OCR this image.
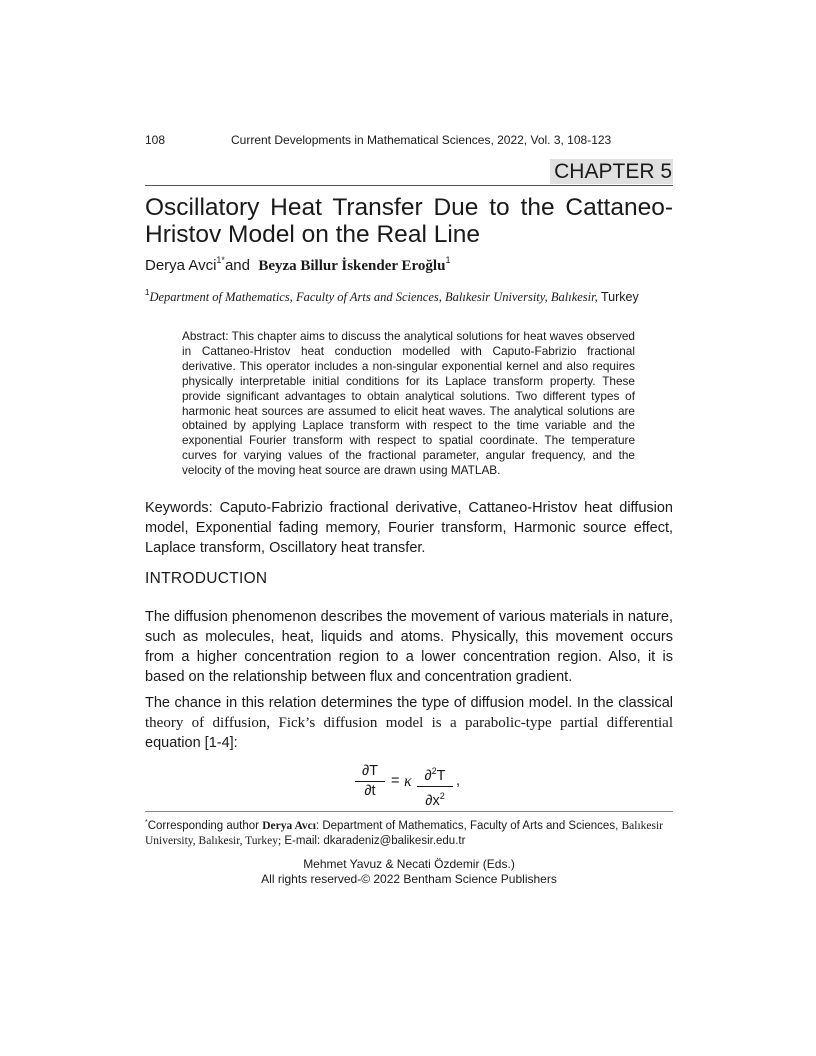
108	Current Developments in Mathematical Sciences, 2022, Vol. 3, 108-123
CHAPTER 5
Oscillatory Heat Transfer Due to the Cattaneo-Hristov Model on the Real Line
Derya Avci$^{1*}$and Beyza Billur İskender Eroğlu$^1$
$^1$Department of Mathematics, Faculty of Arts and Sciences, Balıkesir University, Balıkesir, Turkey
Abstract: This chapter aims to discuss the analytical solutions for heat waves observed in Cattaneo-Hristov heat conduction modelled with Caputo-Fabrizio fractional derivative. This operator includes a non-singular exponential kernel and also requires physically interpretable initial conditions for its Laplace transform property. These provide significant advantages to obtain analytical solutions. Two different types of harmonic heat sources are assumed to elicit heat waves. The analytical solutions are obtained by applying Laplace transform with respect to the time variable and the exponential Fourier transform with respect to spatial coordinate. The temperature curves for varying values of the fractional parameter, angular frequency, and the velocity of the moving heat source are drawn using MATLAB.
Keywords: Caputo-Fabrizio fractional derivative, Cattaneo-Hristov heat diffusion model, Exponential fading memory, Fourier transform, Harmonic source effect, Laplace transform, Oscillatory heat transfer.
INTRODUCTION
The diffusion phenomenon describes the movement of various materials in nature, such as molecules, heat, liquids and atoms. Physically, this movement occurs from a higher concentration region to a lower concentration region. Also, it is based on the relationship between flux and concentration gradient.
The chance in this relation determines the type of diffusion model. In the classical theory of diffusion, Fick’s diffusion model is a parabolic-type partial differential equation [1-4]:
∂T
∂t
= κ ∂$^2$T
$\partial x^2$
,
*Corresponding author Derya Avcı: Department of Mathematics, Faculty of Arts and Sciences, Balıkesir University, Balıkesir, Turkey; E-mail: dkaradeniz@balikesir.edu.tr
Mehmet Yavuz & Necati Özdemir (Eds.)
All rights reserved-© 2022 Bentham Science Publishers
